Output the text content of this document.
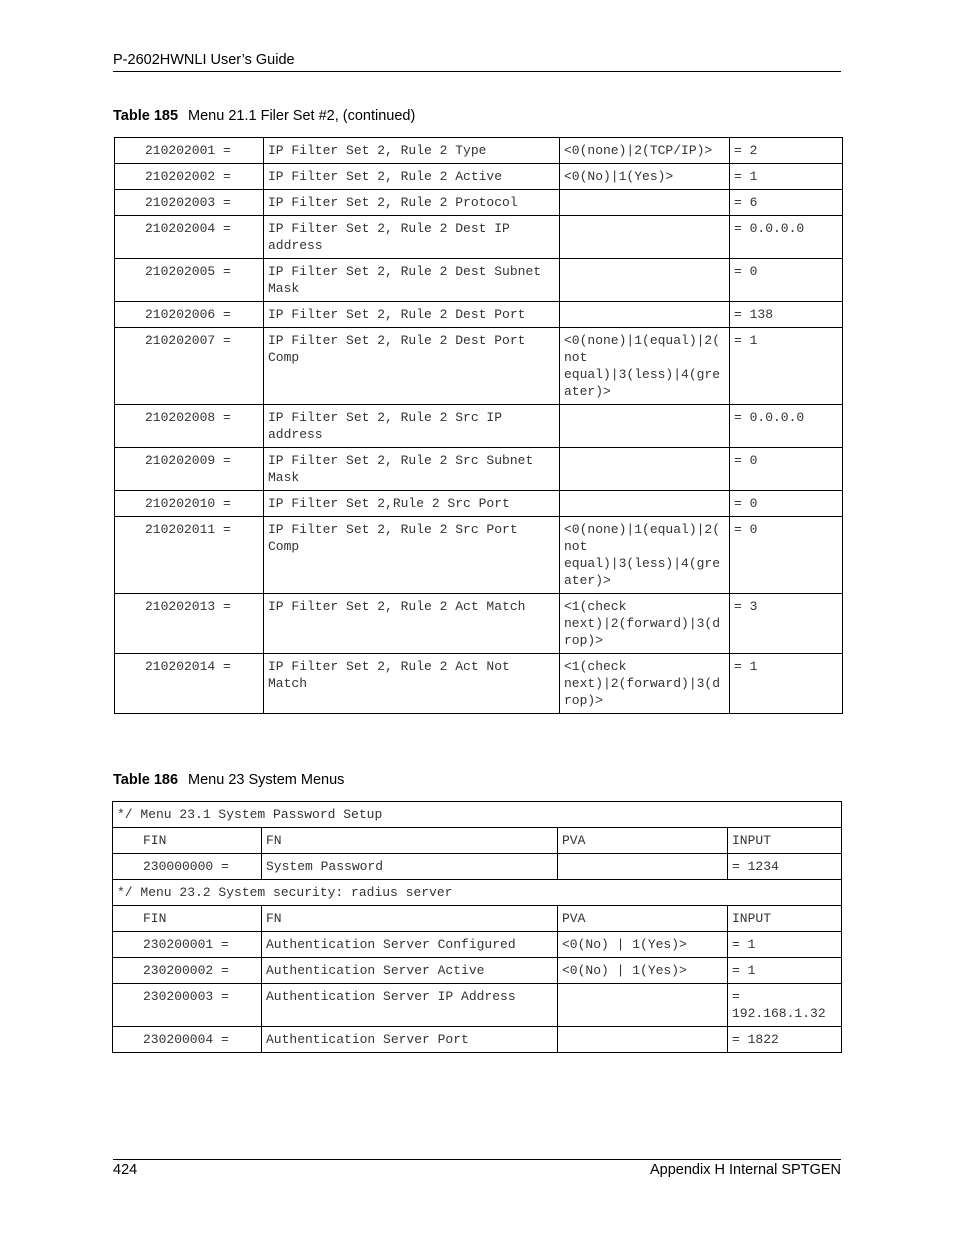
P-2602HWNLI User’s Guide
Table 185 Menu 21.1 Filer Set #2, (continued)
210202001 =	IP Filter Set 2, Rule 2 Type	<0(none)|2(TCP/IP)>	= 2
210202002 =	IP Filter Set 2, Rule 2 Active	<0(No)|1(Yes)>	= 1
210202003 =	IP Filter Set 2, Rule 2 Protocol		= 6
210202004 =	IP Filter Set 2, Rule 2 Dest IP address		= 0.0.0.0
210202005 =	IP Filter Set 2, Rule 2 Dest Subnet Mask		= 0
210202006 =	IP Filter Set 2, Rule 2 Dest Port		= 138
210202007 =	IP Filter Set 2, Rule 2 Dest Port Comp	<0(none)|1(equal)|2(not equal)|3(less)|4(greater)>	= 1
210202008 =	IP Filter Set 2, Rule 2 Src IP address		= 0.0.0.0
210202009 =	IP Filter Set 2, Rule 2 Src Subnet Mask		= 0
210202010 =	IP Filter Set 2,Rule 2 Src Port		= 0
210202011 =	IP Filter Set 2, Rule 2 Src Port Comp	<0(none)|1(equal)|2(not equal)|3(less)|4(greater)>	= 0
210202013 =	IP Filter Set 2, Rule 2 Act Match	<1(check next)|2(forward)|3(drop)>	= 3
210202014 =	IP Filter Set 2, Rule 2 Act Not Match	<1(check next)|2(forward)|3(drop)>	= 1
Table 186 Menu 23 System Menus
*/ Menu 23.1 System Password Setup			
FIN	FN	PVA	INPUT
230000000 =	System Password		= 1234
*/ Menu 23.2 System security: radius server			
FIN	FN	PVA	INPUT
230200001 =	Authentication Server Configured	<0(No) | 1(Yes)>	= 1
230200002 =	Authentication Server Active	<0(No) | 1(Yes)>	= 1
230200003 =	Authentication Server IP Address		= 192.168.1.32
230200004 =	Authentication Server Port		= 1822
424	Appendix H Internal SPTGEN
